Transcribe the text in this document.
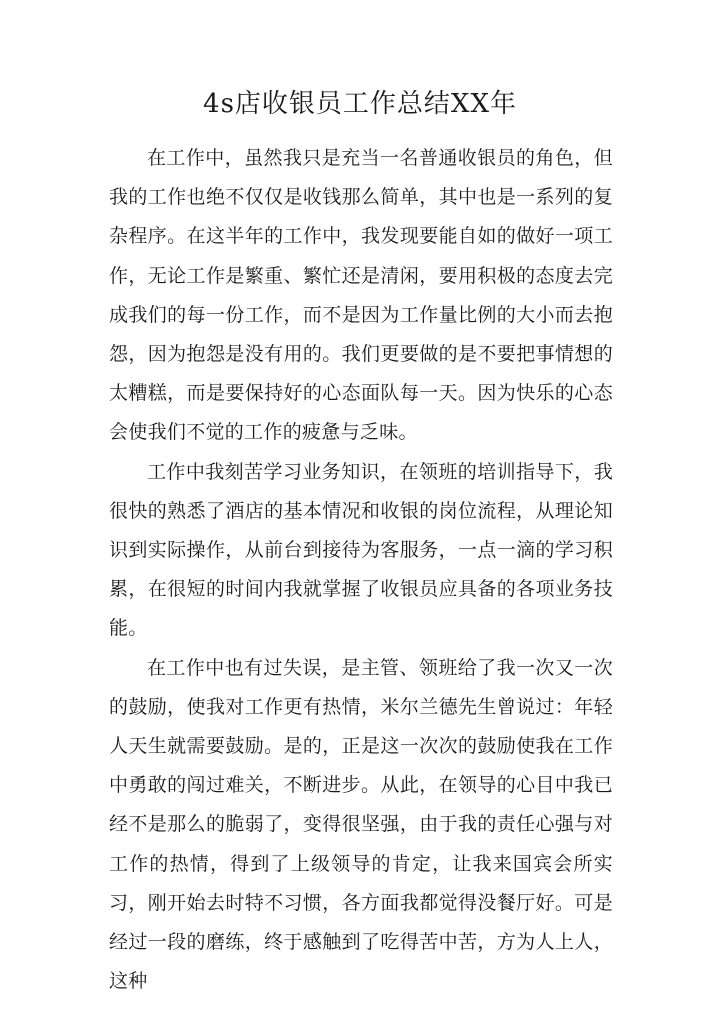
4s店收银员工作总结XX年

在工作中，虽然我只是充当一名普通收银员的角色，但我的工作也绝不仅仅是收钱那么简单，其中也是一系列的复杂程序。在这半年的工作中，我发现要能自如的做好一项工作，无论工作是繁重、繁忙还是清闲，要用积极的态度去完成我们的每一份工作，而不是因为工作量比例的大小而去抱怨，因为抱怨是没有用的。我们更要做的是不要把事情想的太糟糕，而是要保持好的心态面队每一天。因为快乐的心态会使我们不觉的工作的疲惫与乏味。

工作中我刻苦学习业务知识，在领班的培训指导下，我很快的熟悉了酒店的基本情况和收银的岗位流程，从理论知识到实际操作，从前台到接待为客服务，一点一滴的学习积累，在很短的时间内我就掌握了收银员应具备的各项业务技能。

在工作中也有过失误，是主管、领班给了我一次又一次的鼓励，使我对工作更有热情，米尔兰德先生曾说过：年轻人天生就需要鼓励。是的，正是这一次次的鼓励使我在工作中勇敢的闯过难关，不断进步。从此，在领导的心目中我已经不是那么的脆弱了，变得很坚强，由于我的责任心强与对工作的热情，得到了上级领导的肯定，让我来国宾会所实习，刚开始去时特不习惯，各方面我都觉得没餐厅好。可是经过一段的磨练，终于感触到了吃得苦中苦，方为人上人，这种
